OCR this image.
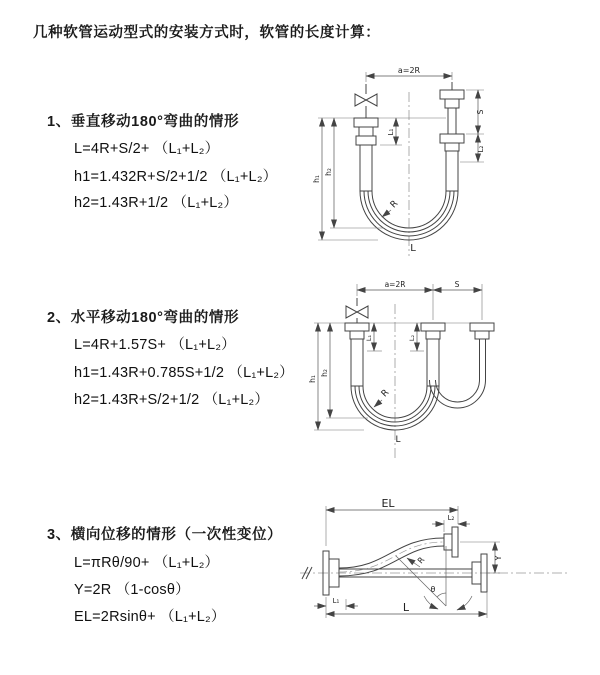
几种软管运动型式的安装方式时，软管的长度计算：
1、垂直移动180°弯曲的情形
L=4R+S/2+ （L₁+L₂）
h1=1.432R+S/2+1/2 （L₁+L₂）
h2=1.43R+1/2 （L₁+L₂）
2、水平移动180°弯曲的情形
L=4R+1.57S+ （L₁+L₂）
h1=1.43R+0.785S+1/2 （L₁+L₂）
h2=1.43R+S/2+1/2 （L₁+L₂）
3、横向位移的情形（一次性变位）
L=πRθ/90+ （L₁+L₂）
Y=2R （1-cosθ）
EL=2Rsinθ+ （L₁+L₂）
a=2R
h₁
h₂
L₁
S
L₂
R
L
a=2R	S
h₁
h₂
L₁	L₂
R
L
θ
EL
L₂
Y
R
L
L₁
